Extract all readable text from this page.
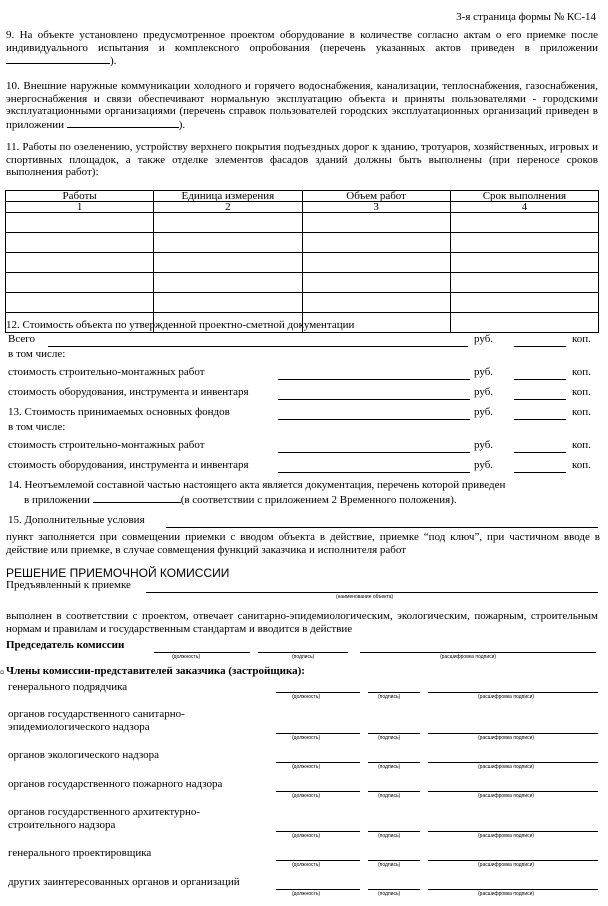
3-я страница формы № КС-14
9. На объекте установлено предусмотренное проектом оборудование в количестве согласно актам о его приемке после индивидуального испытания и комплексного опробования (перечень указанных актов приведен в приложении ).
10. Внешние наружные коммуникации холодного и горячего водоснабжения, канализации, теплоснабжения, газоснабжения, энергоснабжения и связи обеспечивают нормальную эксплуатацию объекта и приняты пользователями - городскими эксплуатационными организациями (перечень справок пользователей городских эксплуатационных организаций приведен в приложении	).
11. Работы по озеленению, устройству верхнего покрытия подъездных дорог к зданию, тротуаров, хозяйственных, игровых и спортивных площадок, а также отделке элементов фасадов зданий должны быть выполнены (при переносе сроков выполнения работ):
Работы	Единица измерения	Объем работ	Срок выполнения
1	2	3	4

12. Стоимость объекта по утвержденной проектно-сметной документации
Всего	руб.	коп.
в том числе:
стоимость строительно-монтажных работ	руб.	коп.
стоимость оборудования, инструмента и инвентаря	руб.	коп.
13. Стоимость принимаемых основных фондов	руб.	коп.
в том числе:
стоимость строительно-монтажных работ	руб.	коп.
стоимость оборудования, инструмента и инвентаря	руб.	коп.
14. Неотъемлемой составной частью настоящего акта является документация, перечень которой приведен
в приложении	(в соответствии с приложением 2 Временного положения).
15. Дополнительные условия
пункт заполняется при совмещении приемки с вводом объекта в действие, приемке “под ключ”, при частичном вводе в действие или приемке, в случае совмещения функций заказчика и исполнителя работ
РЕШЕНИЕ ПРИЕМОЧНОЙ КОМИССИИ
Предъявленный к приемке
(наименование объекта)
выполнен в соответствии с проектом, отвечает санитарно-эпидемиологическим, экологическим, пожарным, строительным нормам и правилам и государственным стандартам и вводится в действие
Председатель комиссии
(должность)	(подпись)	(расшифровка подписи)
¤ Члены комиссии-представителей заказчика (застройщика):
генерального подрядчика
(должность)	(подпись)	(расшифровка подписи)
органов государственного санитарно-
эпидемиологического надзора
(должность)	(подпись)	(расшифровка подписи)
органов экологического надзора
(должность)	(подпись)	(расшифровка подписи)
органов государственного пожарного надзора
(должность)	(подпись)	(расшифровка подписи)
органов государственного архитектурно-
строительного надзора
(должность)	(подпись)	(расшифровка подписи)
генерального проектировщика
(должность)	(подпись)	(расшифровка подписи)
других заинтересованных органов и организаций
(должность)	(подпись)	(расшифровка подписи)
